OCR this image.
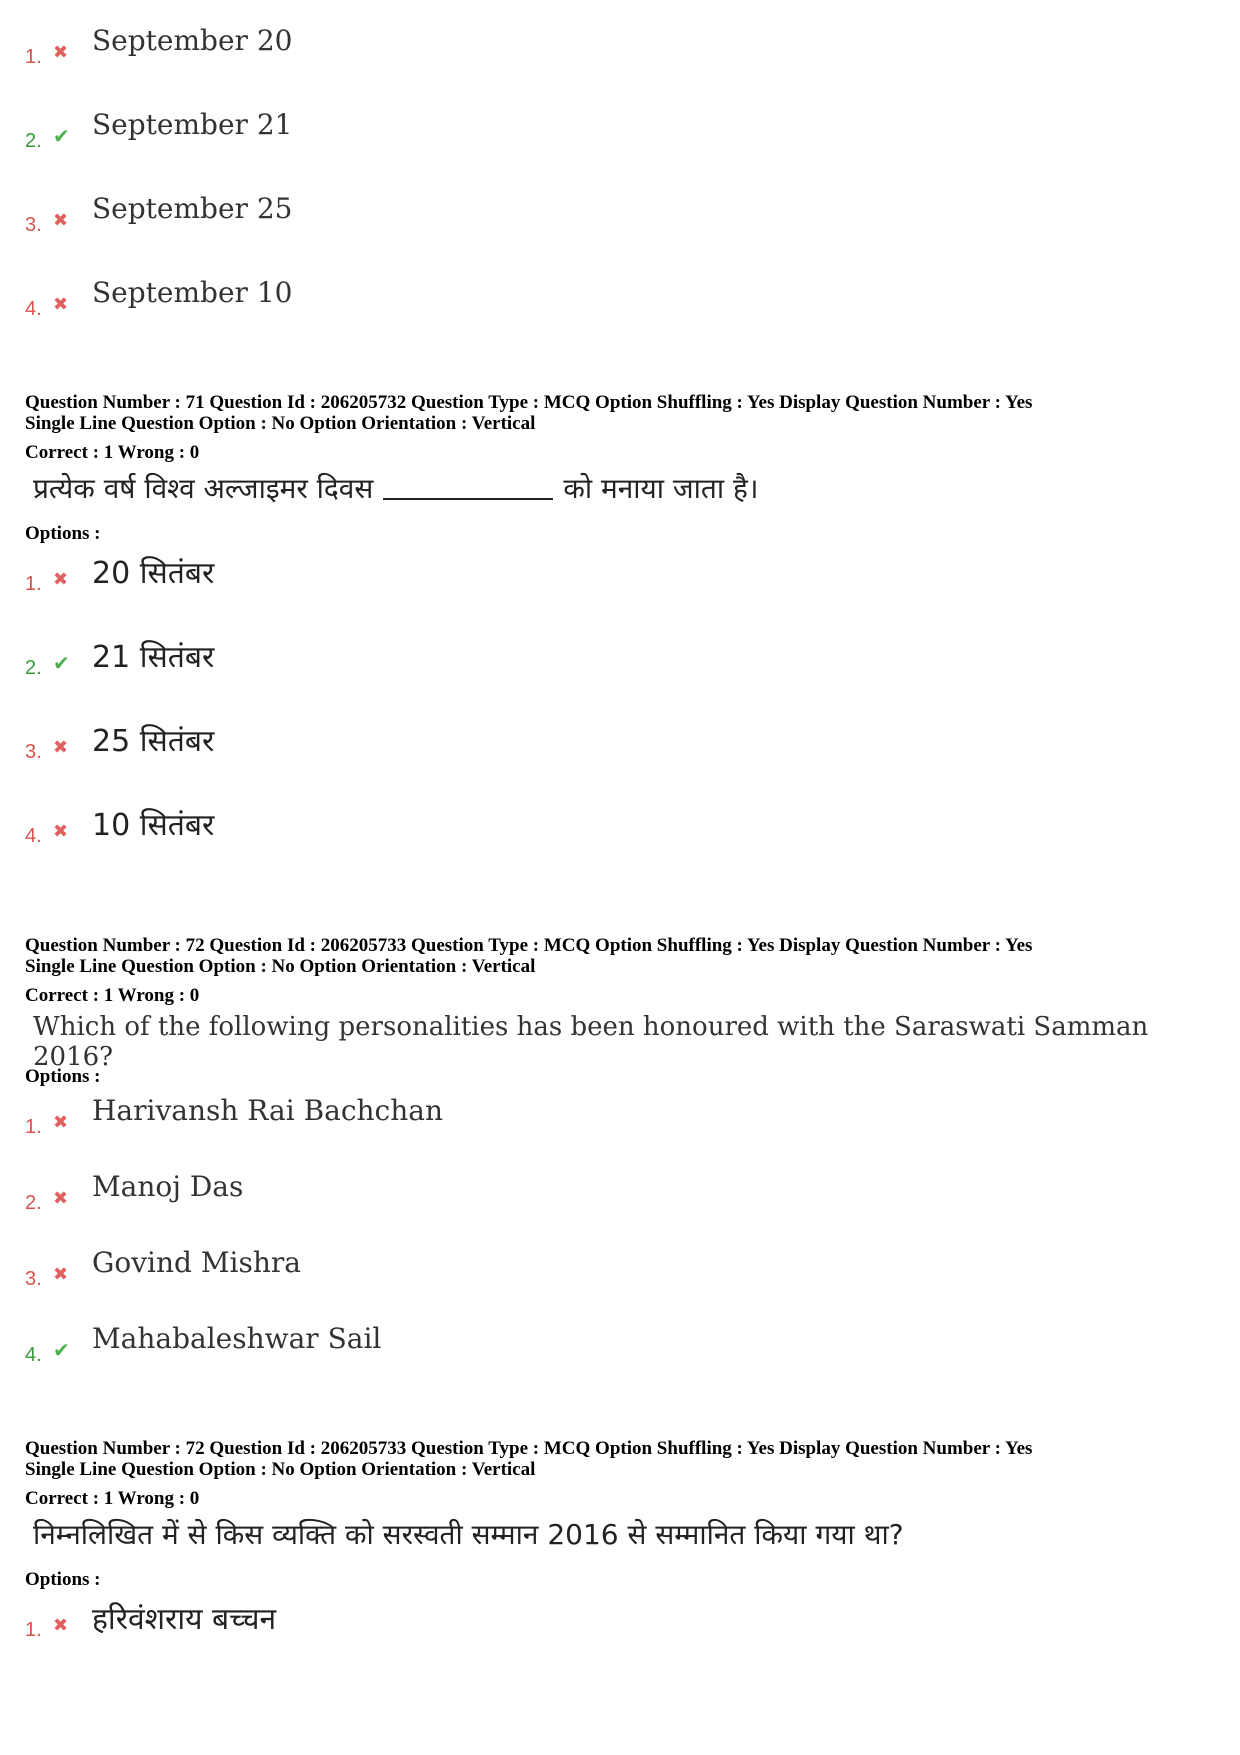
1. ✖ September 20
2. ✔ September 21
3. ✖ September 25
4. ✖ September 10
Question Number : 71 Question Id : 206205732 Question Type : MCQ Option Shuffling : Yes Display Question Number : Yes
Single Line Question Option : No Option Orientation : Vertical
Correct : 1 Wrong : 0
प्रत्येक वर्ष विश्व अल्जाइमर दिवस	को मनाया जाता है।
Options :
1. ✖ 20 सितंबर
2. ✔ 21 सितंबर
3. ✖ 25 सितंबर
4. ✖ 10 सितंबर
Question Number : 72 Question Id : 206205733 Question Type : MCQ Option Shuffling : Yes Display Question Number : Yes
Single Line Question Option : No Option Orientation : Vertical
Correct : 1 Wrong : 0
Which of the following personalities has been honoured with the Saraswati Samman 2016?
Options :
1. ✖ Harivansh Rai Bachchan
2. ✖ Manoj Das
3. ✖ Govind Mishra
4. ✔ Mahabaleshwar Sail
Question Number : 72 Question Id : 206205733 Question Type : MCQ Option Shuffling : Yes Display Question Number : Yes
Single Line Question Option : No Option Orientation : Vertical
Correct : 1 Wrong : 0
निम्नलिखित में से किस व्यक्ति को सरस्वती सम्मान 2016 से सम्मानित किया गया था?
Options :
1. ✖ हरिवंशराय बच्चन
